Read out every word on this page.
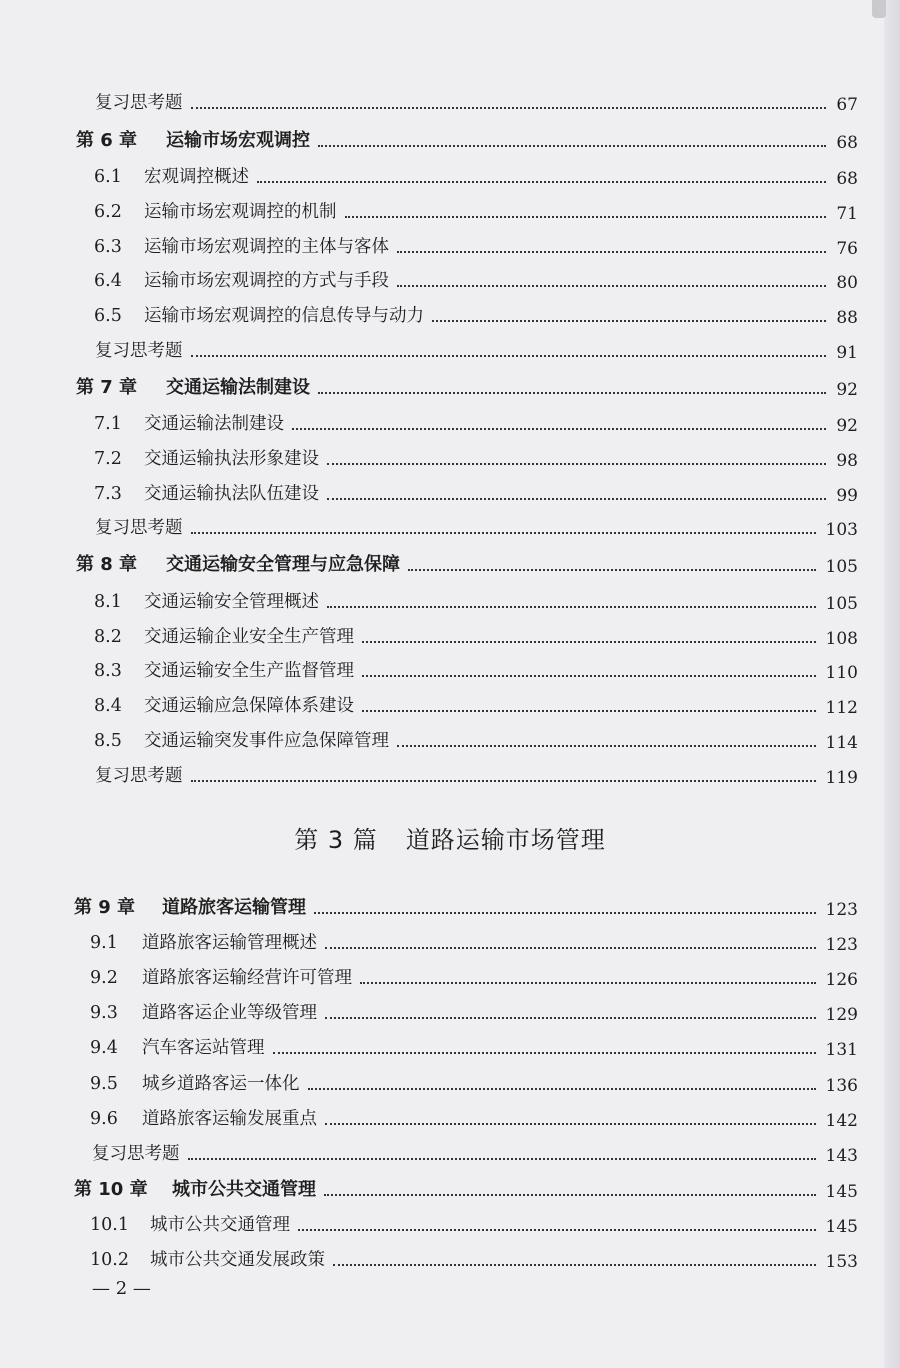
复习思考题	67
第 6 章 运输市场宏观调控	68
6.1 宏观调控概述	68
6.2 运输市场宏观调控的机制	71
6.3 运输市场宏观调控的主体与客体	76
6.4 运输市场宏观调控的方式与手段	80
6.5 运输市场宏观调控的信息传导与动力	88
复习思考题	91
第 7 章 交通运输法制建设	92
7.1 交通运输法制建设	92
7.2 交通运输执法形象建设	98
7.3 交通运输执法队伍建设	99
复习思考题	103
第 8 章 交通运输安全管理与应急保障	105
8.1 交通运输安全管理概述	105
8.2 交通运输企业安全生产管理	108
8.3 交通运输安全生产监督管理	110
8.4 交通运输应急保障体系建设	112
8.5 交通运输突发事件应急保障管理	114
复习思考题	119
第 9 章 道路旅客运输管理	123
9.1 道路旅客运输管理概述	123
9.2 道路旅客运输经营许可管理	126
9.3 道路客运企业等级管理	129
9.4 汽车客运站管理	131
9.5 城乡道路客运一体化	136
9.6 道路旅客运输发展重点	142
复习思考题	143
第 10 章 城市公共交通管理	145
10.1 城市公共交通管理	145
10.2 城市公共交通发展政策	153
第 3 篇 道路运输市场管理
— 2 —
